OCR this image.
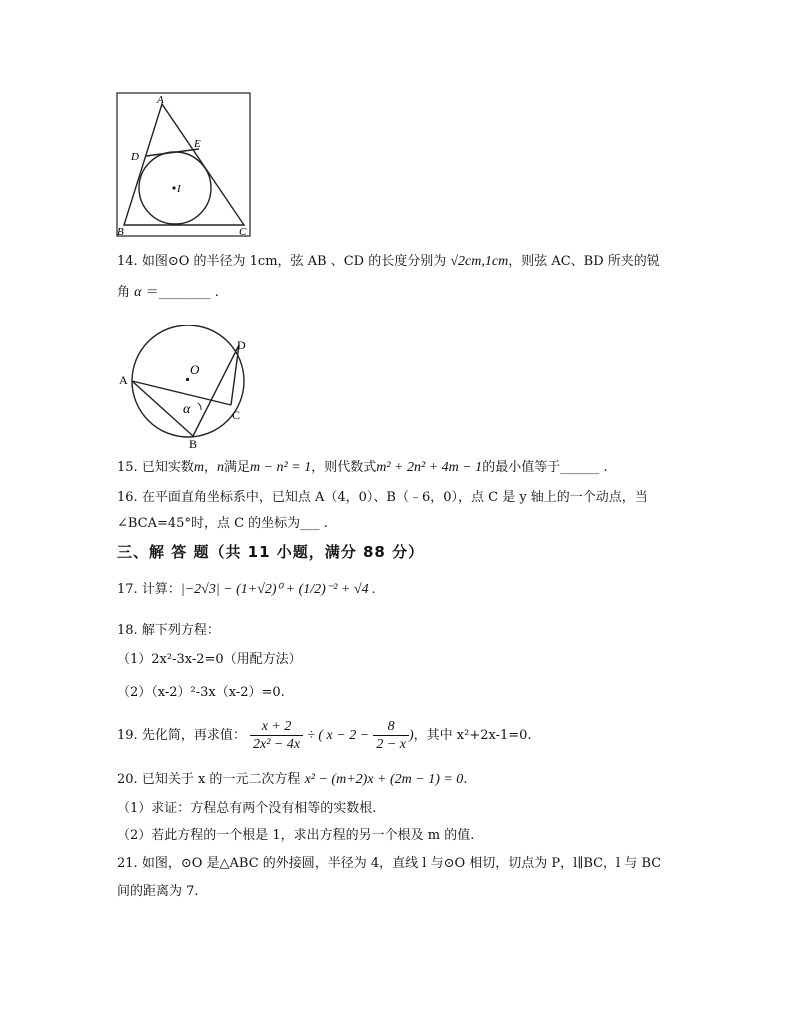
A
B	C
D
E
I
14. 如图⊙O 的半径为 1cm，弦 AB 、CD 的长度分别为 √2cm,1cm，则弦 AC、BD 所夹的锐
角 α ＝________ .
A
B
C
D
O
α
15. 已知实数m，n满足m − n² = 1，则代数式m² + 2n² + 4m − 1的最小值等于______ .
16. 在平面直角坐标系中，已知点 A（4，0）、B（﹣6，0），点 C 是 y 轴上的一个动点，当
∠BCA=45°时，点 C 的坐标为___ .
三、解 答 题（共 11 小题，满分 88 分）
17. 计算：|−2√3| − (1+√2)⁰ + (1/2)⁻² + √4 .
18. 解下列方程：
（1）2x²-3x-2=0（用配方法）
（2）（x-2）²-3x（x-2）=0.
19. 先化简，再求值： $\frac{x + 2}{\text{2x² − 4x}}$ ÷ ( $x - 2 - \frac{8}{2 - x}$ )，其中 x²+2x-1=0.
20. 已知关于 x 的一元二次方程 x² − (m+2)x + (2m − 1) = 0.
（1）求证：方程总有两个没有相等的实数根.
（2）若此方程的一个根是 1，求出方程的另一个根及 m 的值.
21. 如图，⊙O 是△ABC 的外接圆，半径为 4，直线 l 与⊙O 相切，切点为 P，l∥BC，l 与 BC
间的距离为 7.
